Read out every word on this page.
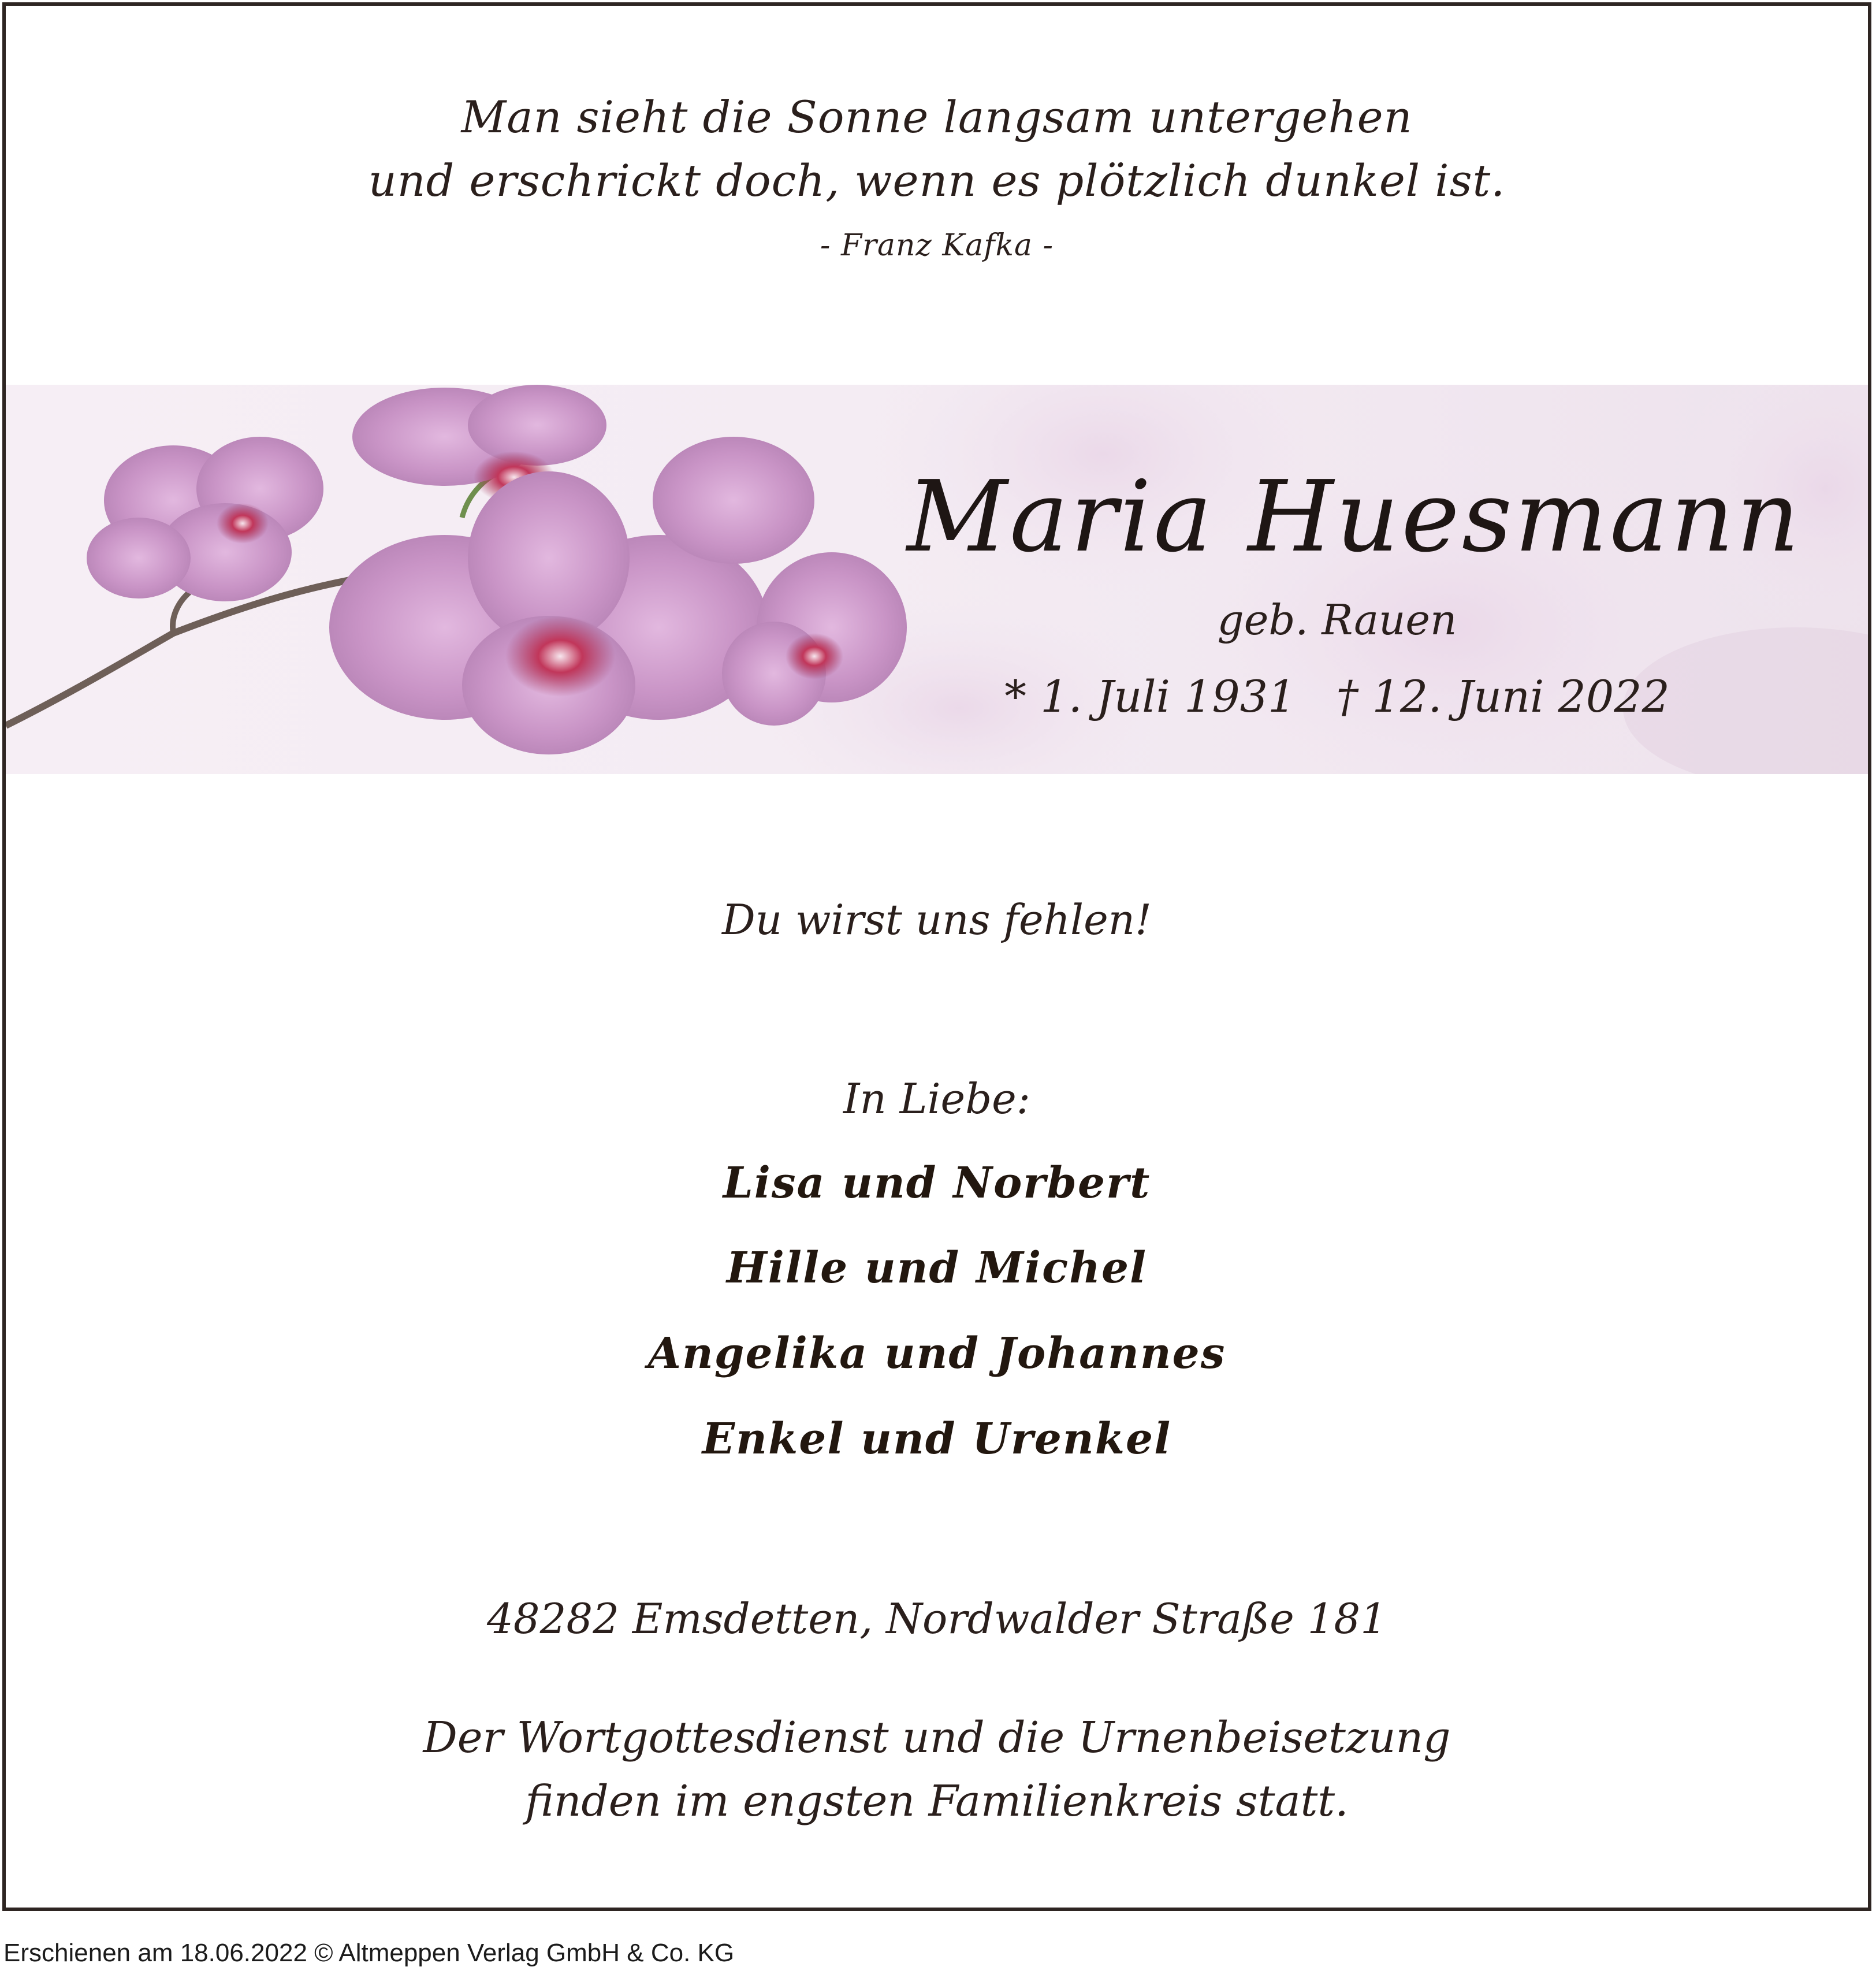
Man sieht die Sonne langsam untergehen
und erschrickt doch, wenn es plötzlich dunkel ist.
- Franz Kafka -
Maria Huesmann
geb. Rauen
* 1. Juli 1931 † 12. Juni 2022
Du wirst uns fehlen!
In Liebe:
Lisa und Norbert
Hille und Michel
Angelika und Johannes
Enkel und Urenkel
48282 Emsdetten, Nordwalder Straße 181
Der Wortgottesdienst und die Urnenbeisetzung
finden im engsten Familienkreis statt.
Erschienen am 18.06.2022 © Altmeppen Verlag GmbH & Co. KG
